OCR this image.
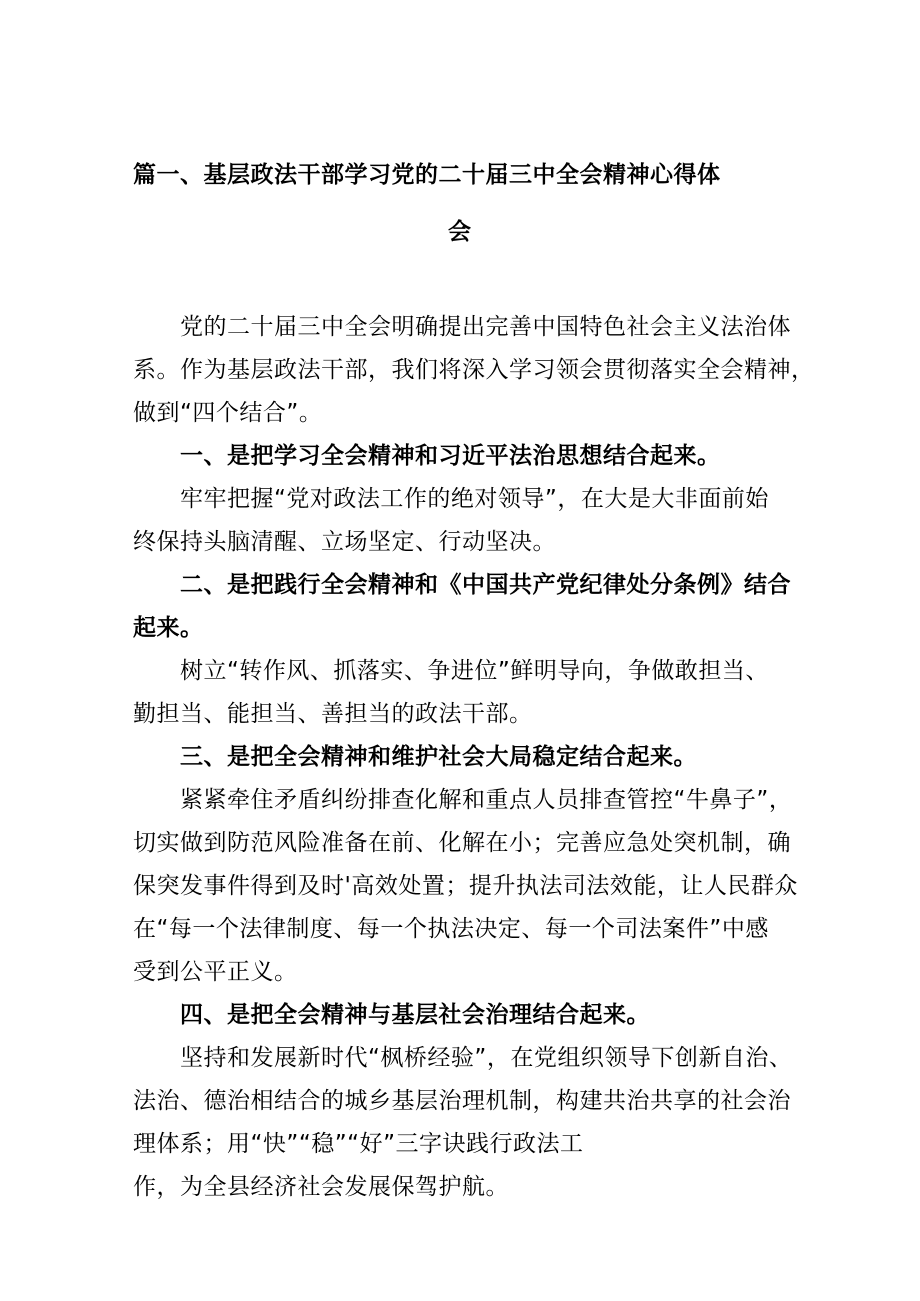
篇一、基层政法干部学习党的二十届三中全会精神心得体
会
党的二十届三中全会明确提出完善中国特色社会主义法治体
系。作为基层政法干部，我们将深入学习领会贯彻落实全会精神，
做到“四个结合”。
一、是把学习全会精神和习近平法治思想结合起来。
牢牢把握“党对政法工作的绝对领导”，在大是大非面前始
终保持头脑清醒、立场坚定、行动坚决。
二、是把践行全会精神和《中国共产党纪律处分条例》结合
起来。
树立“转作风、抓落实、争进位”鲜明导向，争做敢担当、
勤担当、能担当、善担当的政法干部。
三、是把全会精神和维护社会大局稳定结合起来。
紧紧牵住矛盾纠纷排查化解和重点人员排查管控“牛鼻子”，
切实做到防范风险准备在前、化解在小；完善应急处突机制，确
保突发事件得到及时'高效处置；提升执法司法效能，让人民群众
在“每一个法律制度、每一个执法决定、每一个司法案件”中感
受到公平正义。
四、是把全会精神与基层社会治理结合起来。
坚持和发展新时代“枫桥经验”，在党组织领导下创新自治、
法治、德治相结合的城乡基层治理机制，构建共治共享的社会治
理体系；用“快”“稳”“好”三字诀践行政法工
作，为全县经济社会发展保驾护航。
